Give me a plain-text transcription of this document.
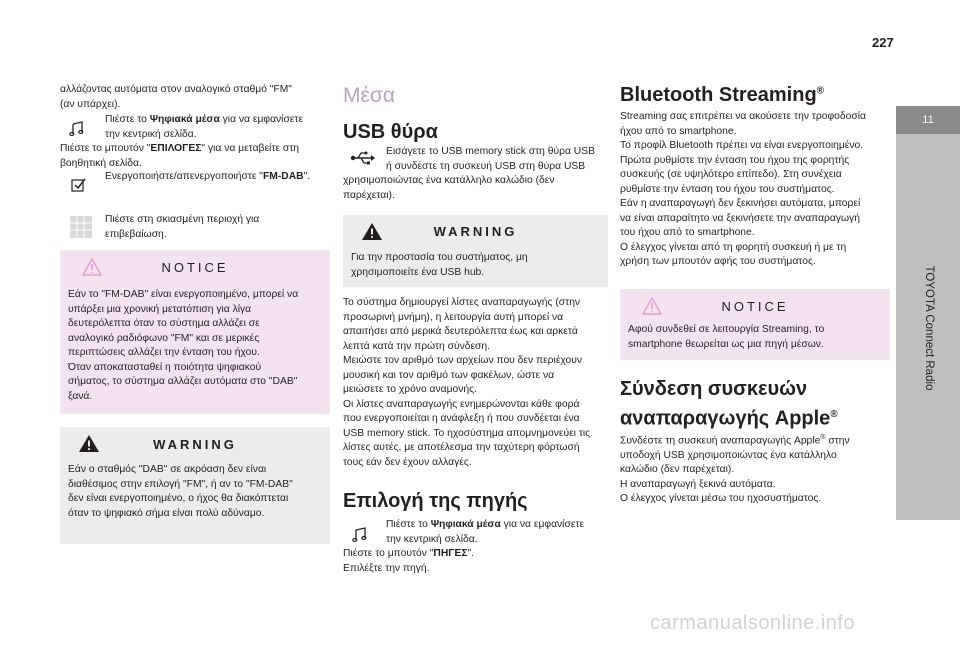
227
11
TOYOTA Connect Radio
αλλάζοντας αυτόματα στον αναλογικό σταθμό "FM"
(αν υπάρχει).
Πιέστε το Ψηφιακά μέσα για να εμφανίσετε
την κεντρική σελίδα.
Πιέστε το μπουτόν "ΕΠΙΛΟΓΕΣ" για να μεταβείτε στη
βοηθητική σελίδα.
Ενεργοποιήστε/απενεργοποιήστε "FM-DAB".
Πιέστε στη σκιασμένη περιοχή για
επιβεβαίωση.
NOTICE
Εάν το "FM-DAB" είναι ενεργοποιημένο, μπορεί να
υπάρξει μια χρονική μετατόπιση για λίγα
δευτερόλεπτα όταν το σύστημα αλλάζει σε
αναλογικό ραδιόφωνο "FM" και σε μερικές
περιπτώσεις αλλάζει την ένταση του ήχου.
Όταν αποκατασταθεί η ποιότητα ψηφιακού
σήματος, το σύστημα αλλάζει αυτόματα στο "DAB"
ξανά.
WARNING
Εάν ο σταθμός "DAB" σε ακρόαση δεν είναι
διαθέσιμος στην επιλογή "FM", ή αν το "FM-DAB"
δεν είναι ενεργοποιημένο, ο ήχος θα διακόπτεται
όταν το ψηφιακό σήμα είναι πολύ αδύναμο.
Μέσα
USB θύρα
Εισάγετε το USB memory stick στη θύρα USB
ή συνδέστε τη συσκευή USB στη θύρα USB
χρησιμοποιώντας ένα κατάλληλο καλώδιο (δεν
παρέχεται).
WARNING
Για την προστασία του συστήματος, μη
χρησιμοποιείτε ένα USB hub.
Το σύστημα δημιουργεί λίστες αναπαραγωγής (στην
προσωρινή μνήμη), η λειτουργία αυτή μπορεί να
απαιτήσει από μερικά δευτερόλεπτα έως και αρκετά
λεπτά κατά την πρώτη σύνδεση.
Μειώστε τον αριθμό των αρχείων που δεν περιέχουν
μουσική και τον αριθμό των φακέλων, ώστε να
μειώσετε το χρόνο αναμονής.
Οι λίστες αναπαραγωγής ενημερώνονται κάθε φορά
που ενεργοποιείται η ανάφλεξη ή που συνδέεται ένα
USB memory stick. Το ηχοσύστημα απομνημονεύει τις
λίστες αυτές, με αποτέλεσμα την ταχύτερη φόρτωσή
τους εάν δεν έχουν αλλαγές.
Επιλογή της πηγής
Πιέστε το Ψηφιακά μέσα για να εμφανίσετε
την κεντρική σελίδα.
Πιέστε το μπουτόν "ΠΗΓΕΣ".
Επιλέξτε την πηγή.
Bluetooth Streaming®
Streaming σας επιτρέπει να ακούσετε την τροφοδοσία
ήχου από το smartphone.
Το προφίλ Bluetooth πρέπει να είναι ενεργοποιημένο.
Πρώτα ρυθμίστε την ένταση του ήχου της φορητής
συσκευής (σε υψηλότερο επίπεδο). Στη συνέχεια
ρυθμίστε την ένταση του ήχου του συστήματος.
Εάν η αναπαραγωγή δεν ξεκινήσει αυτόματα, μπορεί
να είναι απαραίτητο να ξεκινήσετε την αναπαραγωγή
του ήχου από το smartphone.
Ο έλεγχος γίνεται από τη φορητή συσκευή ή με τη
χρήση των μπουτόν αφής του συστήματος.
NOTICE
Αφού συνδεθεί σε λειτουργία Streaming, το
smartphone θεωρείται ως μια πηγή μέσων.
Σύνδεση συσκευών
αναπαραγωγής Apple®
Συνδέστε τη συσκευή αναπαραγωγής Apple® στην
υποδοχή USB χρησιμοποιώντας ένα κατάλληλο
καλώδιο (δεν παρέχεται).
Η αναπαραγωγή ξεκινά αυτόματα.
Ο έλεγχος γίνεται μέσω του ηχοσυστήματος.
carmanualsonline.info
